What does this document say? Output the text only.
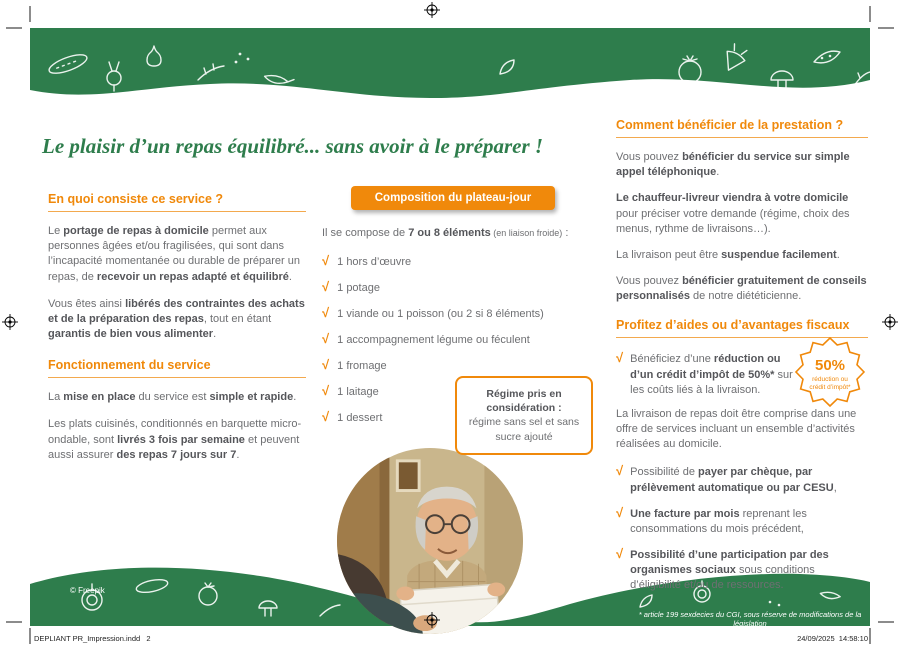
Le plaisir d’un repas équilibré... sans avoir à le préparer !
En quoi consiste ce service ?

Le portage de repas à domicile permet aux personnes âgées et/ou fragilisées, qui sont dans l’incapacité momentanée ou durable de préparer un repas, de recevoir un repas adapté et équilibré.

Vous êtes ainsi libérés des contraintes des achats et de la préparation des repas, tout en étant garantis de bien vous alimenter.

Fonctionnement du service

La mise en place du service est simple et rapide.

Les plats cuisinés, conditionnés en barquette micro-ondable, sont livrés 3 fois par semaine et peuvent aussi assurer des repas 7 jours sur 7.

Composition du plateau-jour

Il se compose de 7 ou 8 éléments (en liaison froide) :

√ 1 hors d’œuvre
√ 1 potage
√ 1 viande ou 1 poisson (ou 2 si 8 éléments)
√ 1 accompagnement légume ou féculent
√ 1 fromage
√ 1 laitage
√ 1 dessert
Régime pris en considération :
régime sans sel et sans sucre ajouté
Comment bénéficier de la prestation ?

Vous pouvez bénéficier du service sur simple appel téléphonique.

Le chauffeur-livreur viendra à votre domicile pour préciser votre demande (régime, choix des menus, rythme de livraisons…).

La livraison peut être suspendue facilement.

Vous pouvez bénéficier gratuitement de conseils personnalisés de notre diététicienne.

Profitez d’aides ou d’avantages fiscaux
√ Bénéficiez d’une réduction ou d’un crédit d’impôt de 50%* sur les coûts liés à la livraison.

La livraison de repas doit être comprise dans une offre de services incluant un ensemble d’activités réalisées au domicile.

√ Possibilité de payer par chèque, par prélèvement automatique ou par CESU,

√ Une facture par mois reprenant les consommations du mois précédent,

√ Possibilité d’une participation par des organismes sociaux sous conditions d’éligibilité et/ou de ressources.

50%
réduction ou
crédit d’impôt*
© Freepik
* article 199 sexdecies du CGI, sous réserve de modifications de la législation
DEPLIANT PR_Impression.indd   2	24/09/2025  14:58:10
